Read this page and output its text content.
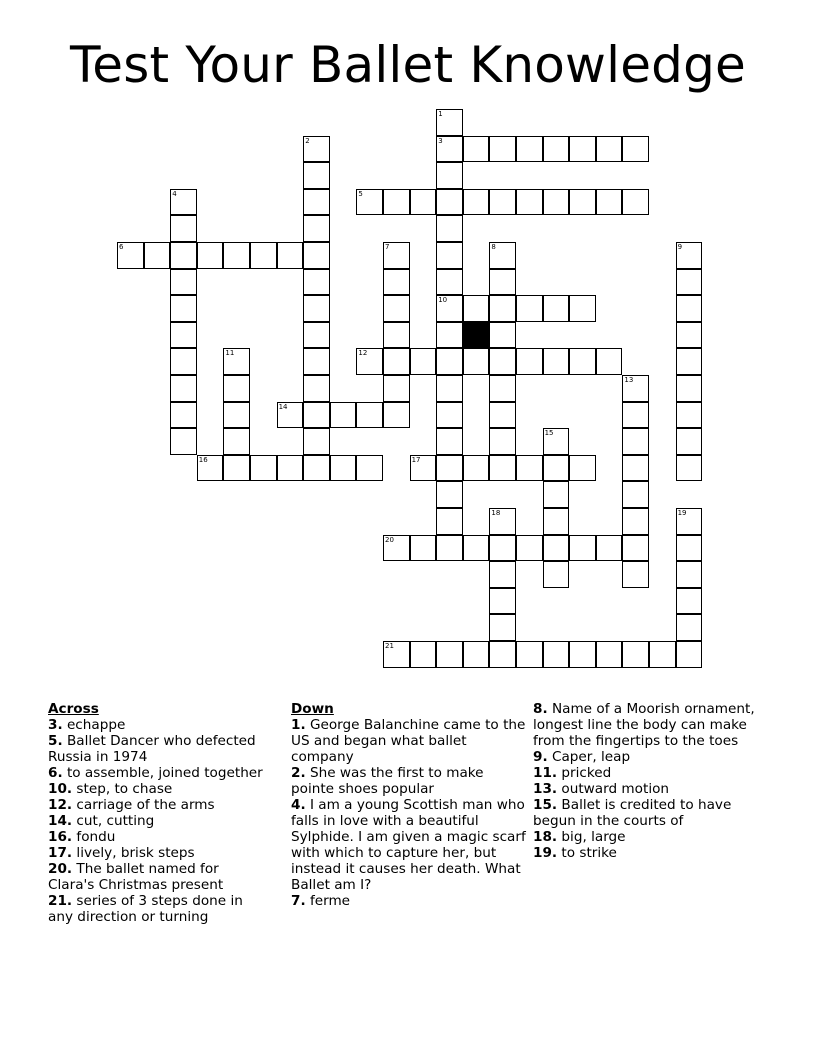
Test Your Ballet Knowledge
1
3
10
2
4	5
6	7	8	9
11	12
13
14
15
16	17
18	19
20
21
Across

3. echappe

5. Ballet Dancer who defected Russia in 1974

6. to assemble, joined together

10. step, to chase

12. carriage of the arms

14. cut, cutting

16. fondu

17. lively, brisk steps

20. The ballet named for Clara's Christmas present

21. series of 3 steps done in any direction or turning

Down

1. George Balanchine came to the US and began what ballet company

2. She was the first to make pointe shoes popular

4. I am a young Scottish man who falls in love with a beautiful Sylphide. I am given a magic scarf with which to capture her, but instead it causes her death. What Ballet am I?

7. ferme

8. Name of a Moorish ornament, longest line the body can make from the fingertips to the toes

9. Caper, leap

11. pricked

13. outward motion

15. Ballet is credited to have begun in the courts of

18. big, large

19. to strike
